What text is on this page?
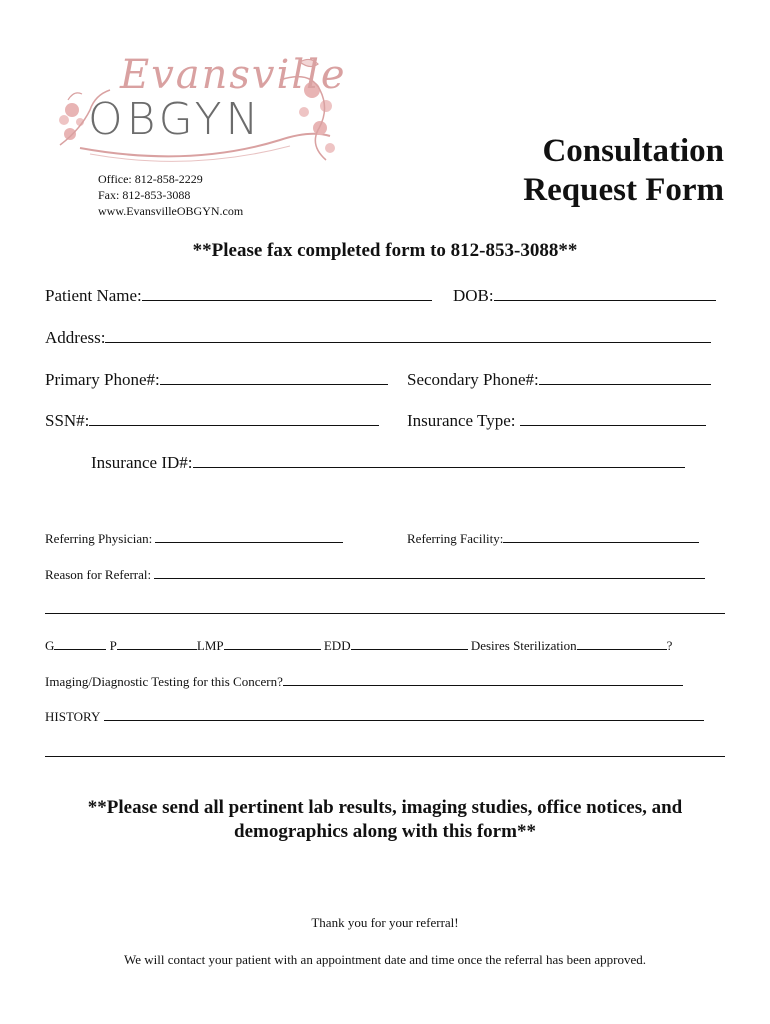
Evansville
OBGYN
Office: 812-858-2229
Fax: 812-853-3088
www.EvansvilleOBGYN.com
Consultation
Request Form
**Please fax completed form to 812-853-3088**
Patient Name:	DOB:
Address:
Primary Phone#:	Secondary Phone#:
SSN#:	Insurance Type:
Insurance ID#:
Referring Physician:	Referring Facility:
Reason for Referral:
G	P	LMP	EDD	Desires Sterilization	?
Imaging/Diagnostic Testing for this Concern?
HISTORY
**Please send all pertinent lab results, imaging studies, office notices, and
demographics along with this form**
Thank you for your referral!
We will contact your patient with an appointment date and time once the referral has been approved.
